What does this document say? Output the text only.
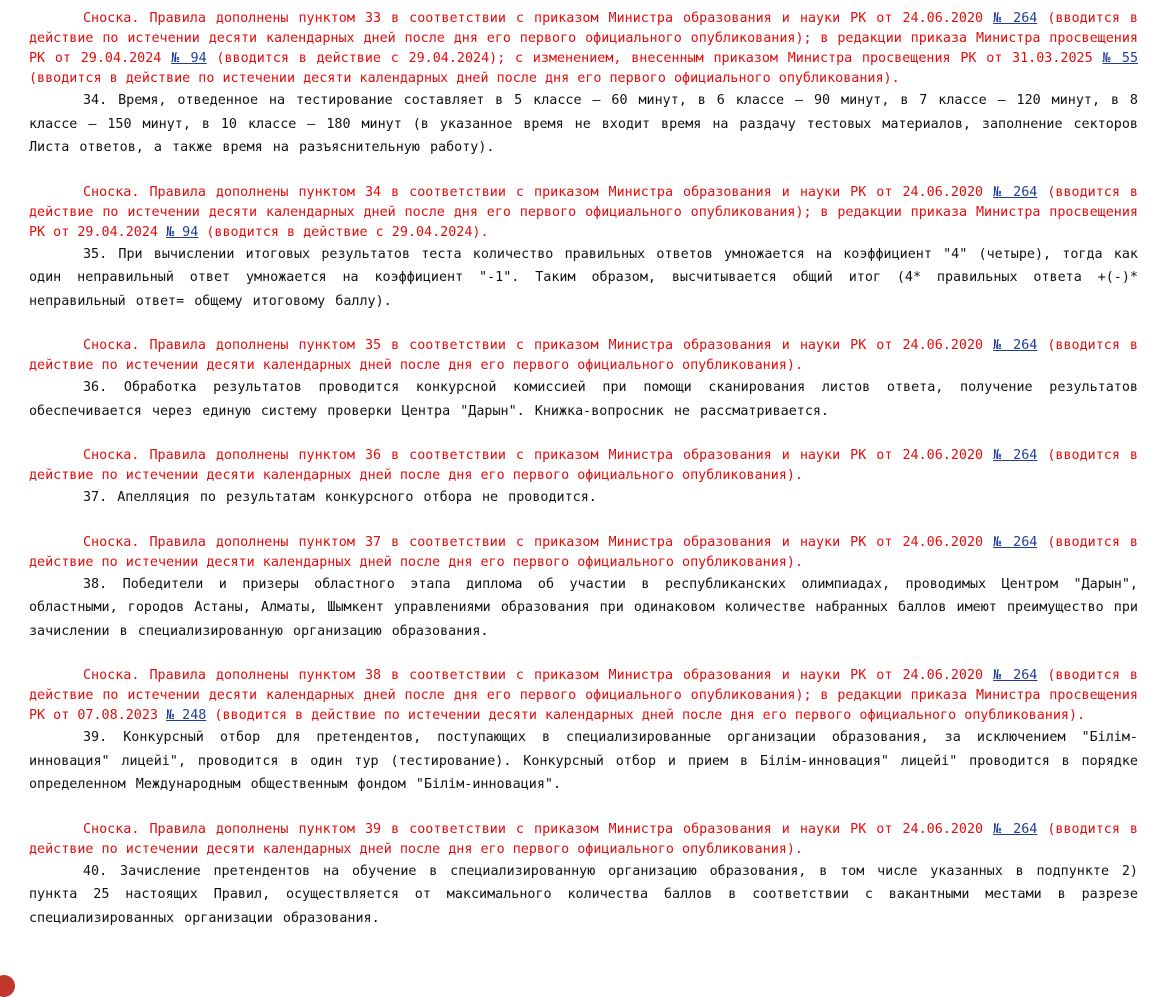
Сноска. Правила дополнены пунктом 33 в соответствии с приказом Министра образования и науки РК от 24.06.2020 № 264 (вводится в действие по истечении десяти календарных дней после дня его первого официального опубликования); в редакции приказа Министра просвещения РК от 29.04.2024 № 94 (вводится в действие с 29.04.2024); с изменением, внесенным приказом Министра просвещения РК от 31.03.2025 № 55 (вводится в действие по истечении десяти календарных дней после дня его первого официального опубликования).

34. Время, отведенное на тестирование составляет в 5 классе – 60 минут, в 6 классе – 90 минут, в 7 классе – 120 минут, в 8 классе – 150 минут, в 10 классе – 180 минут (в указанное время не входит время на раздачу тестовых материалов, заполнение секторов Листа ответов, а также время на разъяснительную работу).

Сноска. Правила дополнены пунктом 34 в соответствии с приказом Министра образования и науки РК от 24.06.2020 № 264 (вводится в действие по истечении десяти календарных дней после дня его первого официального опубликования); в редакции приказа Министра просвещения РК от 29.04.2024 № 94 (вводится в действие с 29.04.2024).

35. При вычислении итоговых результатов теста количество правильных ответов умножается на коэффициент "4" (четыре), тогда как один неправильный ответ умножается на коэффициент "-1". Таким образом, высчитывается общий итог (4* правильных ответа +(-)* неправильный ответ= общему итоговому баллу).

Сноска. Правила дополнены пунктом 35 в соответствии с приказом Министра образования и науки РК от 24.06.2020 № 264 (вводится в действие по истечении десяти календарных дней после дня его первого официального опубликования).

36. Обработка результатов проводится конкурсной комиссией при помощи сканирования листов ответа, получение результатов обеспечивается через единую систему проверки Центра "Дарын". Книжка-вопросник не рассматривается.

Сноска. Правила дополнены пунктом 36 в соответствии с приказом Министра образования и науки РК от 24.06.2020 № 264 (вводится в действие по истечении десяти календарных дней после дня его первого официального опубликования).

37. Апелляция по результатам конкурсного отбора не проводится.

Сноска. Правила дополнены пунктом 37 в соответствии с приказом Министра образования и науки РК от 24.06.2020 № 264 (вводится в действие по истечении десяти календарных дней после дня его первого официального опубликования).

38. Победители и призеры областного этапа диплома об участии в республиканских олимпиадах, проводимых Центром "Дарын", областными, городов Астаны, Алматы, Шымкент управлениями образования при одинаковом количестве набранных баллов имеют преимущество при зачислении в специализированную организацию образования.

Сноска. Правила дополнены пунктом 38 в соответствии с приказом Министра образования и науки РК от 24.06.2020 № 264 (вводится в действие по истечении десяти календарных дней после дня его первого официального опубликования); в редакции приказа Министра просвещения РК от 07.08.2023 № 248 (вводится в действие по истечении десяти календарных дней после дня его первого официального опубликования).

39. Конкурсный отбор для претендентов, поступающих в специализированные организации образования, за исключением "Білім-инновация" лицейі", проводится в один тур (тестирование). Конкурсный отбор и прием в Білім-инновация" лицейі" проводится в порядке определенном Международным общественным фондом "Білім-инновация".

Сноска. Правила дополнены пунктом 39 в соответствии с приказом Министра образования и науки РК от 24.06.2020 № 264 (вводится в действие по истечении десяти календарных дней после дня его первого официального опубликования).

40. Зачисление претендентов на обучение в специализированную организацию образования, в том числе указанных в подпункте 2) пункта 25 настоящих Правил, осуществляется от максимального количества баллов в соответствии с вакантными местами в разрезе специализированных организации образования.
